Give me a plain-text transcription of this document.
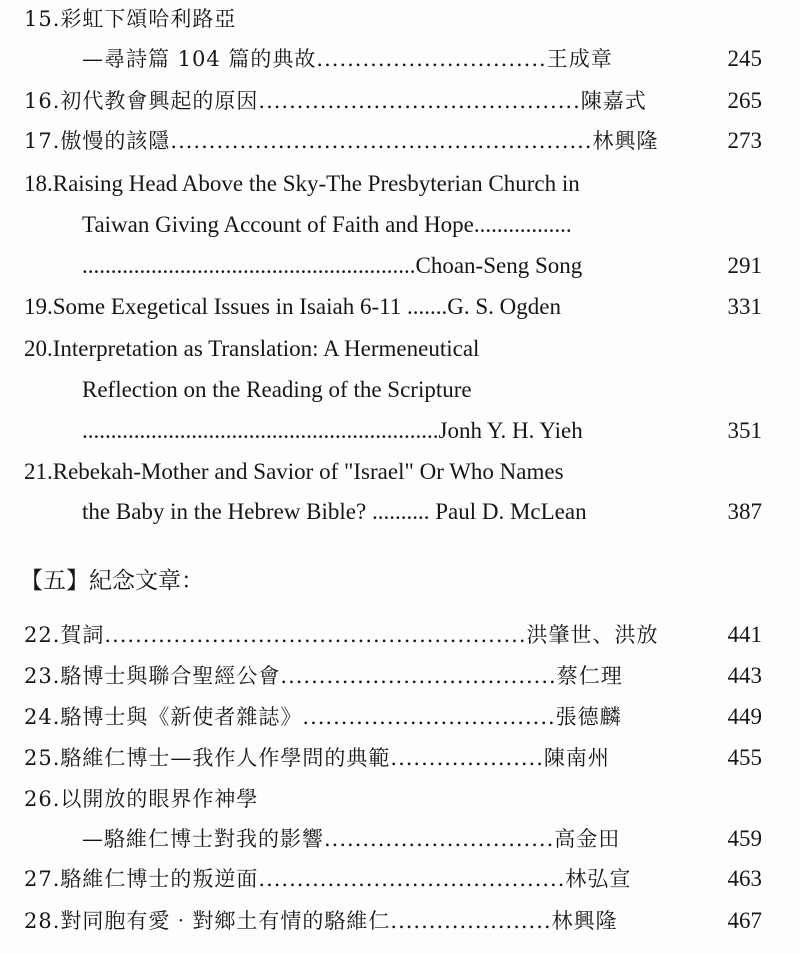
15.彩虹下頌哈利路亞
—尋詩篇 104 篇的典故..............................王成章	245
16.初代教會興起的原因..........................................陳嘉式	265
17.傲慢的該隱.......................................................林興隆	273
18.Raising Head Above the Sky-The Presbyterian Church in
Taiwan Giving Account of Faith and Hope.................
..........................................................Choan-Seng Song	291
19.Some Exegetical Issues in Isaiah 6-11 .......G. S. Ogden	331
20.Interpretation as Translation: A Hermeneutical
Reflection on the Reading of the Scripture
..............................................................Jonh Y. H. Yieh	351
21.Rebekah-Mother and Savior of "Israel" Or Who Names
the Baby in the Hebrew Bible? .......... Paul D. McLean	387
【五】紀念文章：
22.賀詞.......................................................洪肇世、洪放	441
23.駱博士與聯合聖經公會....................................蔡仁理	443
24.駱博士與《新使者雜誌》.................................張德麟	449
25.駱維仁博士—我作人作學問的典範....................陳南州	455
26.以開放的眼界作神學
—駱維仁博士對我的影響..............................高金田	459
27.駱維仁博士的叛逆面........................................林弘宣	463
28.對同胞有愛‧對鄉土有情的駱維仁.....................林興隆	467
